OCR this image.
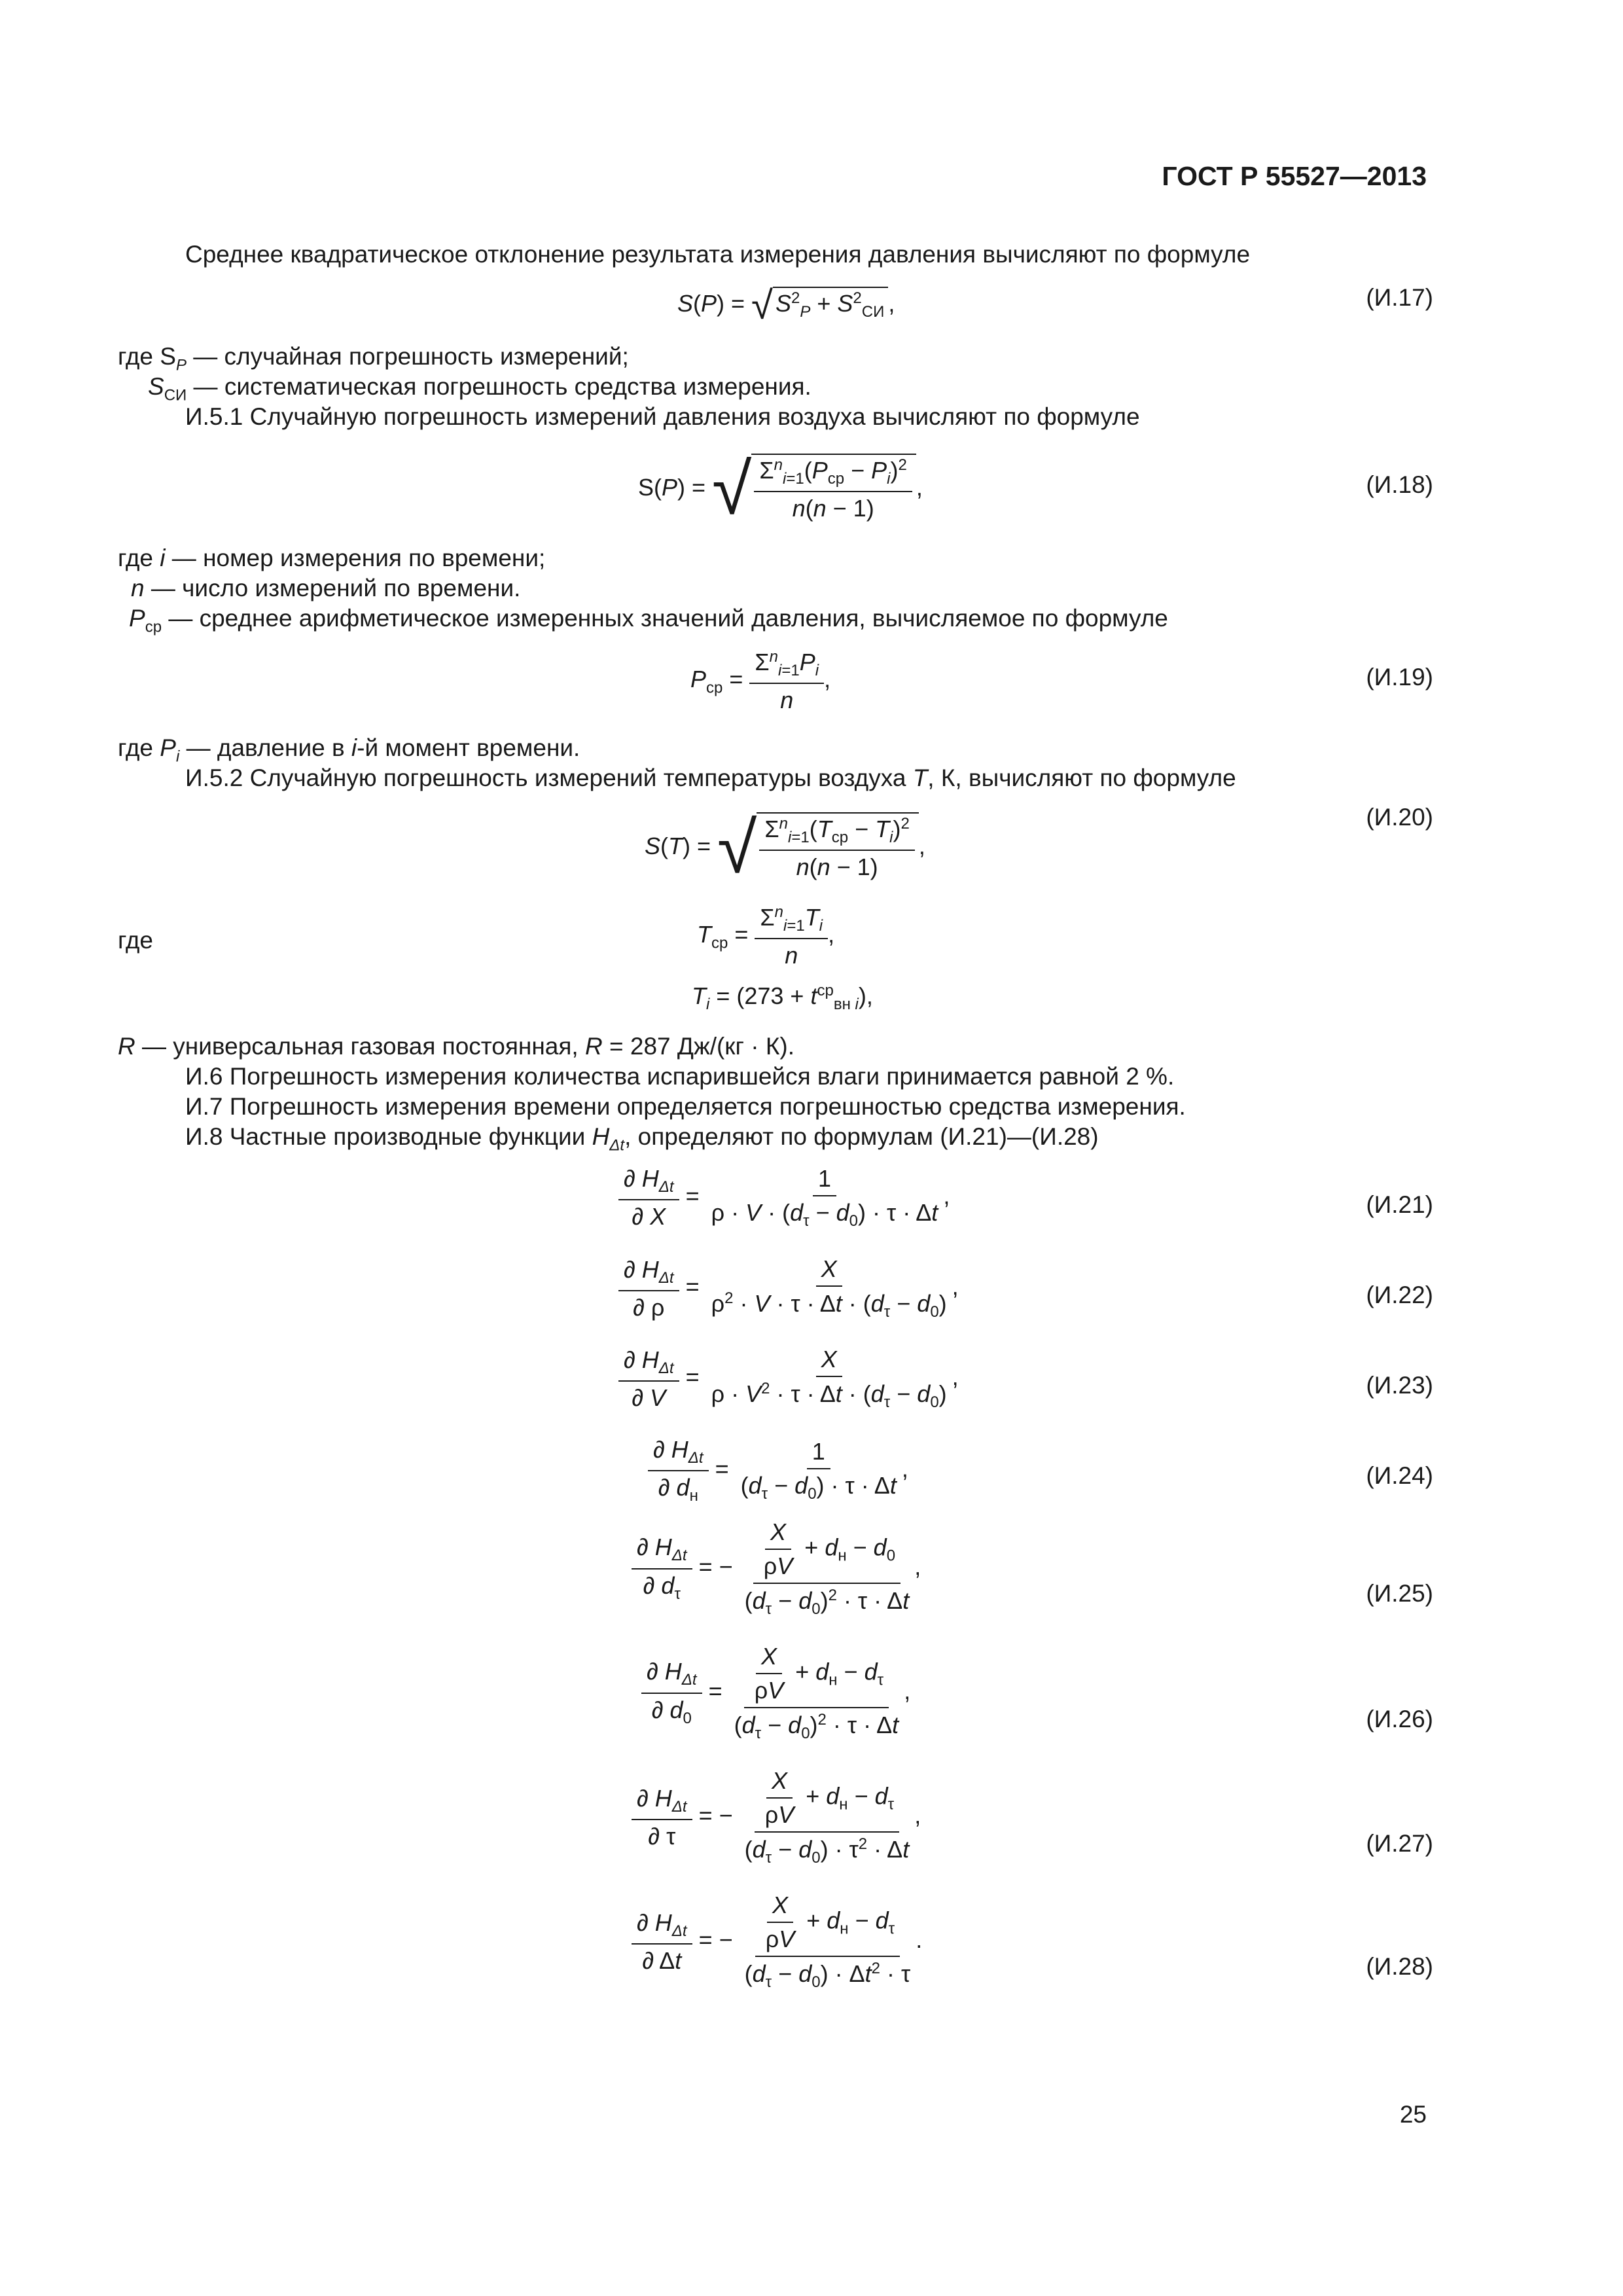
ГОСТ Р 55527—2013
Среднее квадратическое отклонение результата измерения давления вычисляют по формуле
S(P) = √ $S^2_P + S^2_{СИ}$ ,	(И.17)
где $S_P$ — случайная погрешность измерений;
$S_{СИ}$ — систематическая погрешность средства измерения.
И.5.1 Случайную погрешность измерений давления воздуха вычисляют по формуле
S(P) = √ $\frac{\Sigma^n_{i=1}(P_{ср} - P_i)^2}{n(n - 1)}$ ,	(И.18)
где i — номер измерения по времени;
n — число измерений по времени.
$P_{ср}$ — среднее арифметическое измеренных значений давления, вычисляемое по формуле
$P_{ср} = \frac{\Sigma^n_{i=1}P_i}{n}$ ,	(И.19)
где $P_i$ — давление в i-й момент времени.
И.5.2 Случайную погрешность измерений температуры воздуха T, К, вычисляют по формуле
S(T) = √ $\frac{\Sigma^n_{i=1}(T_{ср} - T_i)^2}{n(n - 1)}$ ,
(И.20)
где	$T_{ср} = \frac{\Sigma^n_{i=1}T_i}{n}$ ,
$T_i = (273 + t^{ср}_{вн i})$,
R — универсальная газовая постоянная, R = 287 Дж/(кг · К).
И.6 Погрешность измерения количества испарившейся влаги принимается равной 2 %.
И.7 Погрешность измерения времени определяется погрешностью средства измерения.
И.8 Частные производные функции $H_{\Delta t}$, определяют по формулам (И.21)—(И.28)
$\frac{\partial H_{\Delta t}}{\partial X} = \frac{1}{\rho \cdot V \cdot (d_\tau - d_0) \cdot \tau \cdot \Delta t}$ ,	(И.21)
$\frac{\partial H_{\Delta t}}{\partial \rho} = \frac{X}{\rho^2 \cdot V \cdot \tau \cdot \Delta t \cdot (d_\tau - d_0)}$ ,	(И.22)
$\frac{\partial H_{\Delta t}}{\partial V} = \frac{X}{\rho \cdot V^2 \cdot \tau \cdot \Delta t \cdot (d_\tau - d_0)}$ ,	(И.23)
$\frac{\partial H_{\Delta t}}{\partial d_н} = \frac{1}{(d_\tau - d_0) \cdot \tau \cdot \Delta t}$ ,	(И.24)
$\frac{\partial H_{\Delta t}}{\partial d_\tau}$ = − $\frac{\frac{X}{\rho V} + d_н - d_0}{(d_\tau - d_0)^2 \cdot \tau \cdot \Delta t}$ ,
(И.25)
$\frac{\partial H_{\Delta t}}{\partial d_0} = \frac{\frac{X}{\rho V} + d_н - d_\tau}{(d_\tau - d_0)^2 \cdot \tau \cdot \Delta t}$ ,
(И.26)
$\frac{\partial H_{\Delta t}}{\partial \tau}$ = − $\frac{\frac{X}{\rho V} + d_н - d_\tau}{(d_\tau - d_0) \cdot \tau^2 \cdot \Delta t}$ ,
(И.27)
$\frac{\partial H_{\Delta t}}{\partial \Delta t}$ = − $\frac{\frac{X}{\rho V} + d_н - d_\tau}{(d_\tau - d_0) \cdot \Delta t^2 \cdot \tau}$ .
(И.28)
25
